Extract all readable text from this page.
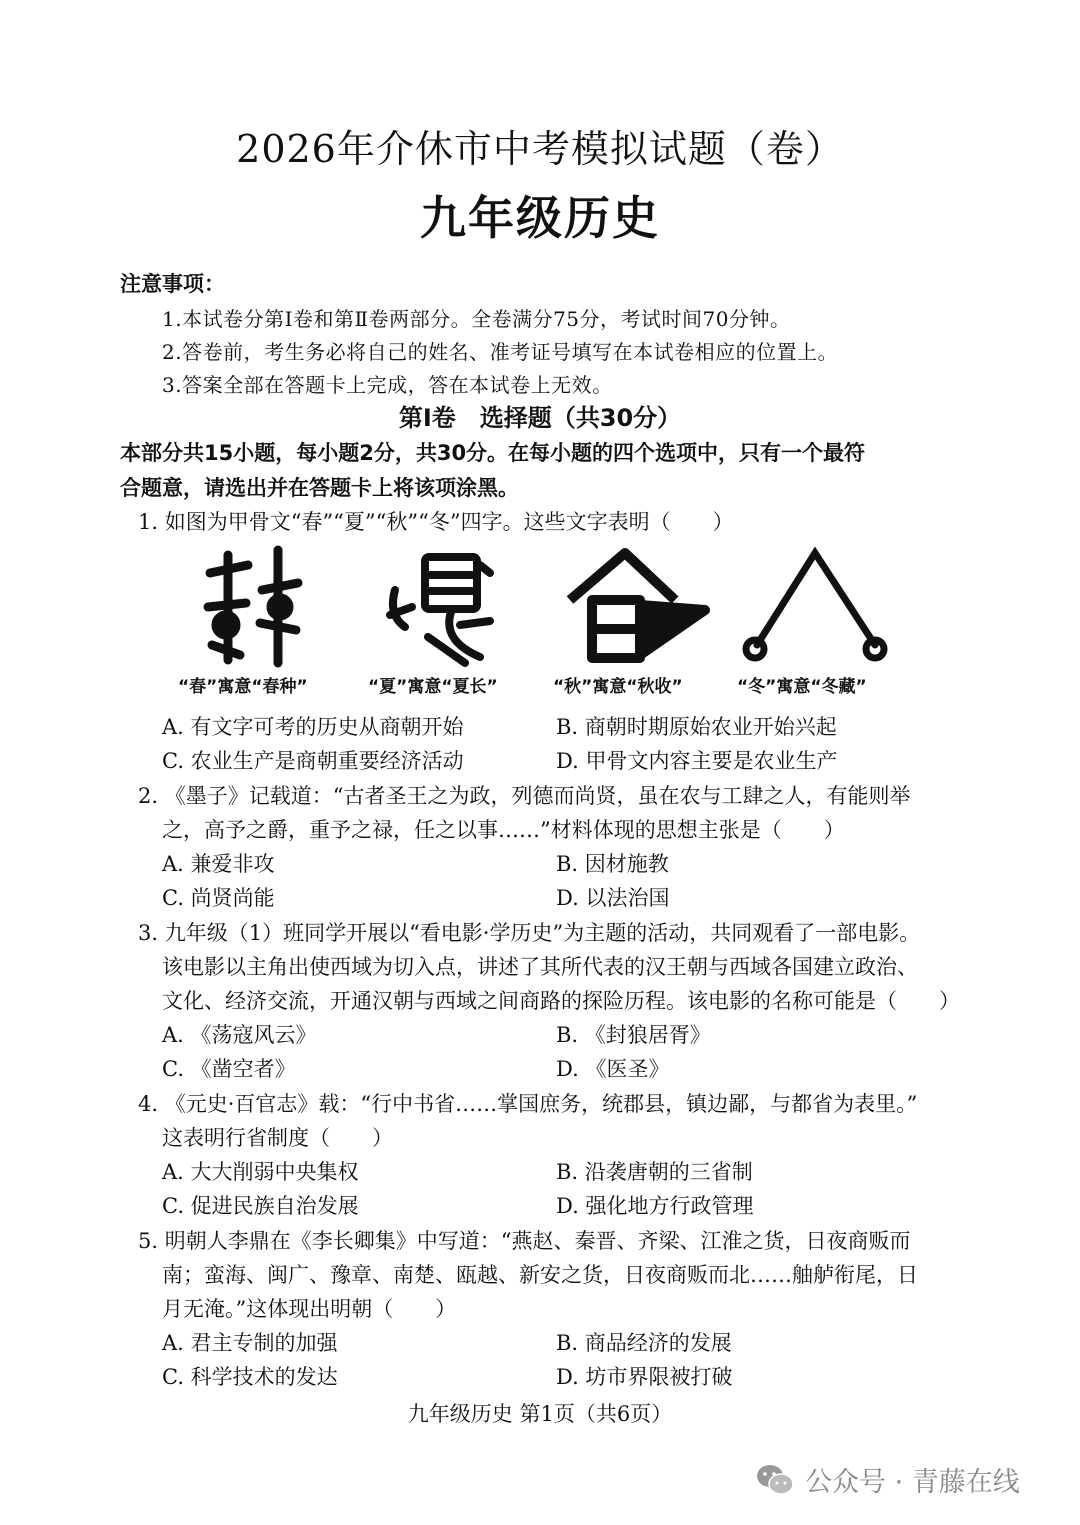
2026年介休市中考模拟试题（卷）
九年级历史
注意事项：
1.本试卷分第Ⅰ卷和第Ⅱ卷两部分。全卷满分75分，考试时间70分钟。
2.答卷前，考生务必将自己的姓名、准考证号填写在本试卷相应的位置上。
3.答案全部在答题卡上完成，答在本试卷上无效。
第Ⅰ卷　选择题（共30分）
本部分共15小题，每小题2分，共30分。在每小题的四个选项中，只有一个最符
合题意，请选出并在答题卡上将该项涂黑。
1. 如图为甲骨文“春”“夏”“秋”“冬”四字。这些文字表明（　　）
“春”寓意“春种”	“夏”寓意“夏长”	“秋”寓意“秋收”	“冬”寓意“冬藏”
A. 有文字可考的历史从商朝开始	B. 商朝时期原始农业开始兴起
C. 农业生产是商朝重要经济活动	D. 甲骨文内容主要是农业生产
2. 《墨子》记载道：“古者圣王之为政，列德而尚贤，虽在农与工肆之人，有能则举
之，高予之爵，重予之禄，任之以事……”材料体现的思想主张是（　　）
A. 兼爱非攻	B. 因材施教
C. 尚贤尚能	D. 以法治国
3. 九年级（1）班同学开展以“看电影·学历史”为主题的活动，共同观看了一部电影。
该电影以主角出使西域为切入点，讲述了其所代表的汉王朝与西域各国建立政治、
文化、经济交流，开通汉朝与西域之间商路的探险历程。该电影的名称可能是（　　）
A. 《荡寇风云》	B. 《封狼居胥》
C. 《凿空者》	D. 《医圣》
4. 《元史·百官志》载：“行中书省……掌国庶务，统郡县，镇边鄙，与都省为表里。”
这表明行省制度（　　）
A. 大大削弱中央集权	B. 沿袭唐朝的三省制
C. 促进民族自治发展	D. 强化地方行政管理
5. 明朝人李鼎在《李长卿集》中写道：“燕赵、秦晋、齐梁、江淮之货，日夜商贩而
南；蛮海、闽广、豫章、南楚、瓯越、新安之货，日夜商贩而北……舳舻衔尾，日
月无淹。”这体现出明朝（　　）
A. 君主专制的加强	B. 商品经济的发展
C. 科学技术的发达	D. 坊市界限被打破
九年级历史 第1页（共6页）
公众号 · 青藤在线
